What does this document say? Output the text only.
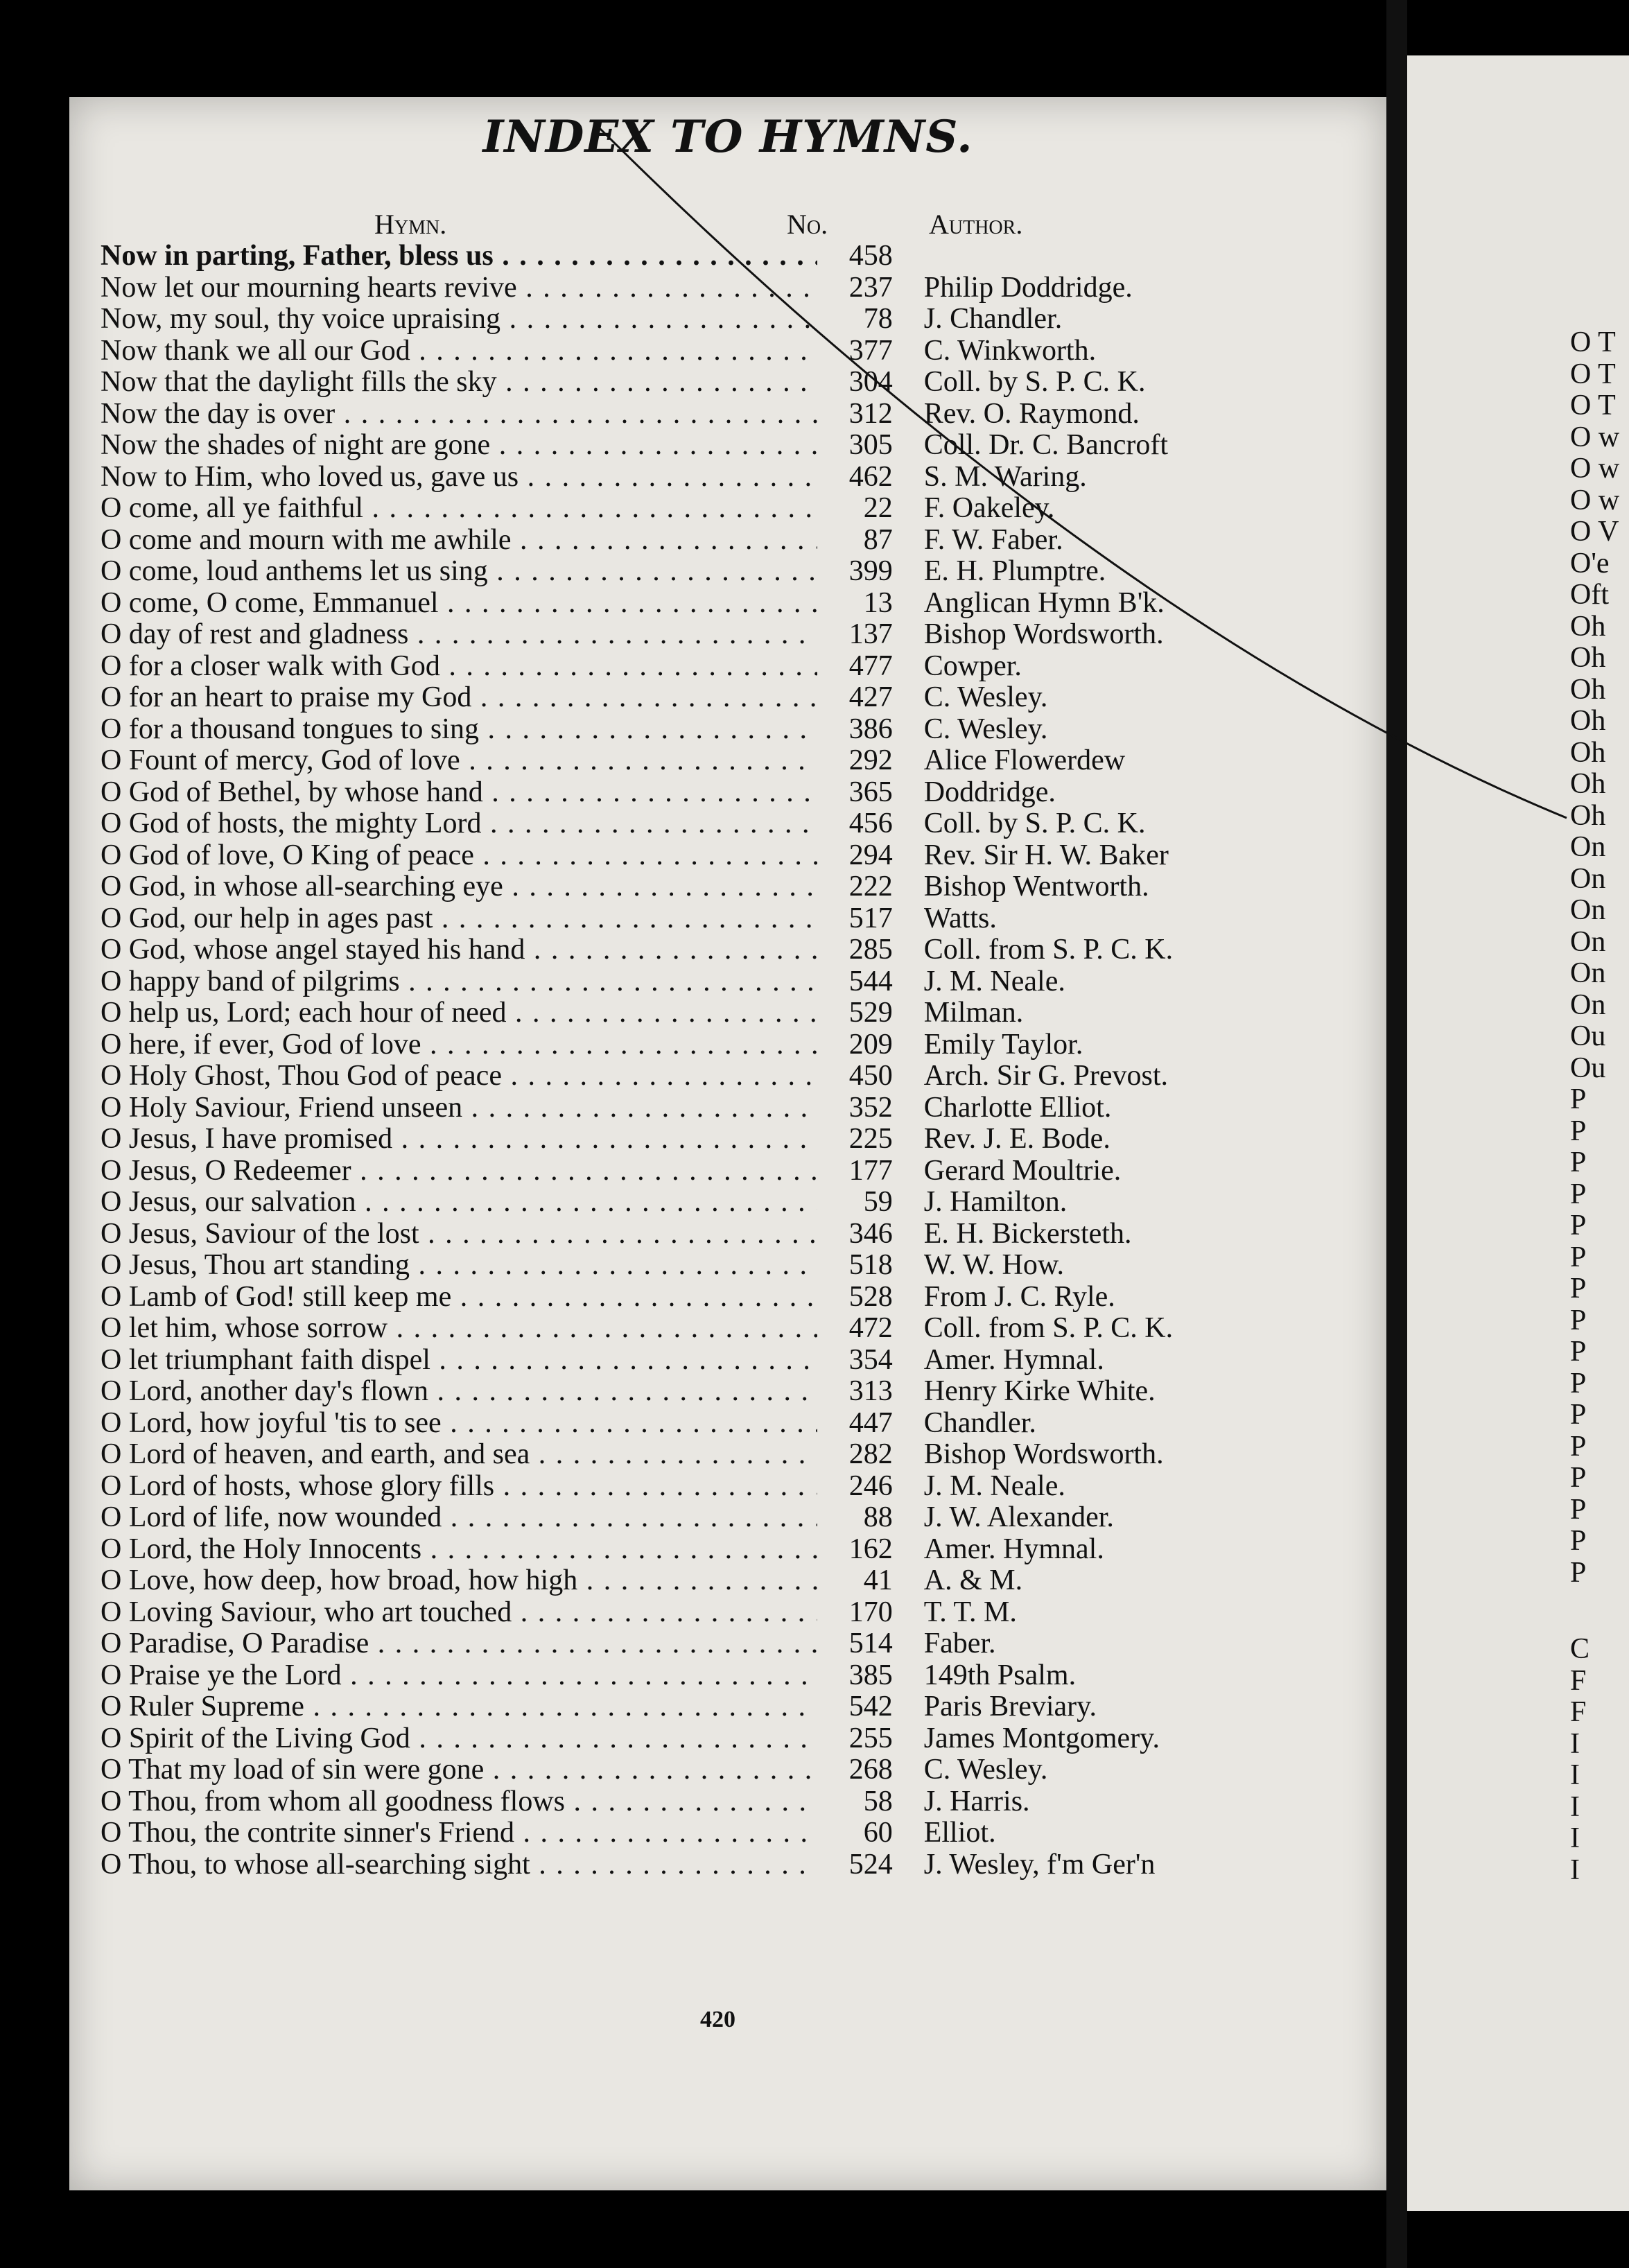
INDEX TO HYMNS.
Hymn.	No.	Author.
Now in parting, Father, bless us . . .	458
Now let our mourning hearts revive . . .	237	Philip Doddridge.
Now, my soul, thy voice upraising . . .	78	J. Chandler.
Now thank we all our God . . .	377	C. Winkworth.
Now that the daylight fills the sky . . .	304	Coll. by S. P. C. K.
Now the day is over . . .	312	Rev. O. Raymond.
Now the shades of night are gone . . .	305	Coll. Dr. C. Bancroft
Now to Him, who loved us, gave us . . .	462	S. M. Waring.
O come, all ye faithful . . .	22	F. Oakeley.
O come and mourn with me awhile . . .	87	F. W. Faber.
O come, loud anthems let us sing . . .	399	E. H. Plumptre.
O come, O come, Emmanuel . . .	13	Anglican Hymn B'k.
O day of rest and gladness . . .	137	Bishop Wordsworth.
O for a closer walk with God . . .	477	Cowper.
O for an heart to praise my God . . .	427	C. Wesley.
O for a thousand tongues to sing . . .	386	C. Wesley.
O Fount of mercy, God of love . . .	292	Alice Flowerdew
O God of Bethel, by whose hand . . .	365	Doddridge.
O God of hosts, the mighty Lord . . .	456	Coll. by S. P. C. K.
O God of love, O King of peace . . .	294	Rev. Sir H. W. Baker
O God, in whose all-searching eye . . .	222	Bishop Wentworth.
O God, our help in ages past . . .	517	Watts.
O God, whose angel stayed his hand . . .	285	Coll. from S. P. C. K.
O happy band of pilgrims . . .	544	J. M. Neale.
O help us, Lord; each hour of need . . .	529	Milman.
O here, if ever, God of love . . .	209	Emily Taylor.
O Holy Ghost, Thou God of peace . . .	450	Arch. Sir G. Prevost.
O Holy Saviour, Friend unseen . . .	352	Charlotte Elliot.
O Jesus, I have promised . . .	225	Rev. J. E. Bode.
O Jesus, O Redeemer . . .	177	Gerard Moultrie.
O Jesus, our salvation . . .	59	J. Hamilton.
O Jesus, Saviour of the lost . . .	346	E. H. Bickersteth.
O Jesus, Thou art standing . . .	518	W. W. How.
O Lamb of God! still keep me . . .	528	From J. C. Ryle.
O let him, whose sorrow . . .	472	Coll. from S. P. C. K.
O let triumphant faith dispel . . .	354	Amer. Hymnal.
O Lord, another day's flown . . .	313	Henry Kirke White.
O Lord, how joyful 'tis to see . . .	447	Chandler.
O Lord of heaven, and earth, and sea . . .	282	Bishop Wordsworth.
O Lord of hosts, whose glory fills . . .	246	J. M. Neale.
O Lord of life, now wounded . . .	88	J. W. Alexander.
O Lord, the Holy Innocents . . .	162	Amer. Hymnal.
O Love, how deep, how broad, how high . . .	41	A. & M.
O Loving Saviour, who art touched . . .	170	T. T. M.
O Paradise, O Paradise . . .	514	Faber.
O Praise ye the Lord . . .	385	149th Psalm.
O Ruler Supreme . . .	542	Paris Breviary.
O Spirit of the Living God . . .	255	James Montgomery.
O That my load of sin were gone . . .	268	C. Wesley.
O Thou, from whom all goodness flows . . .	58	J. Harris.
O Thou, the contrite sinner's Friend . . .	60	Elliot.
O Thou, to whose all-searching sight . . .	524	J. Wesley, f'm Ger'n
420
O T
O T
O T
O w
O w
O w
O V
O'e
Oft
Oh
Oh
Oh
Oh
Oh
Oh
Oh
On
On
On
On
On
On
Ou
Ou
P
P
P
P
P
P
P
P
P
P
P
P
P
P
P
P
C
F
F
I
I
I
I
I
